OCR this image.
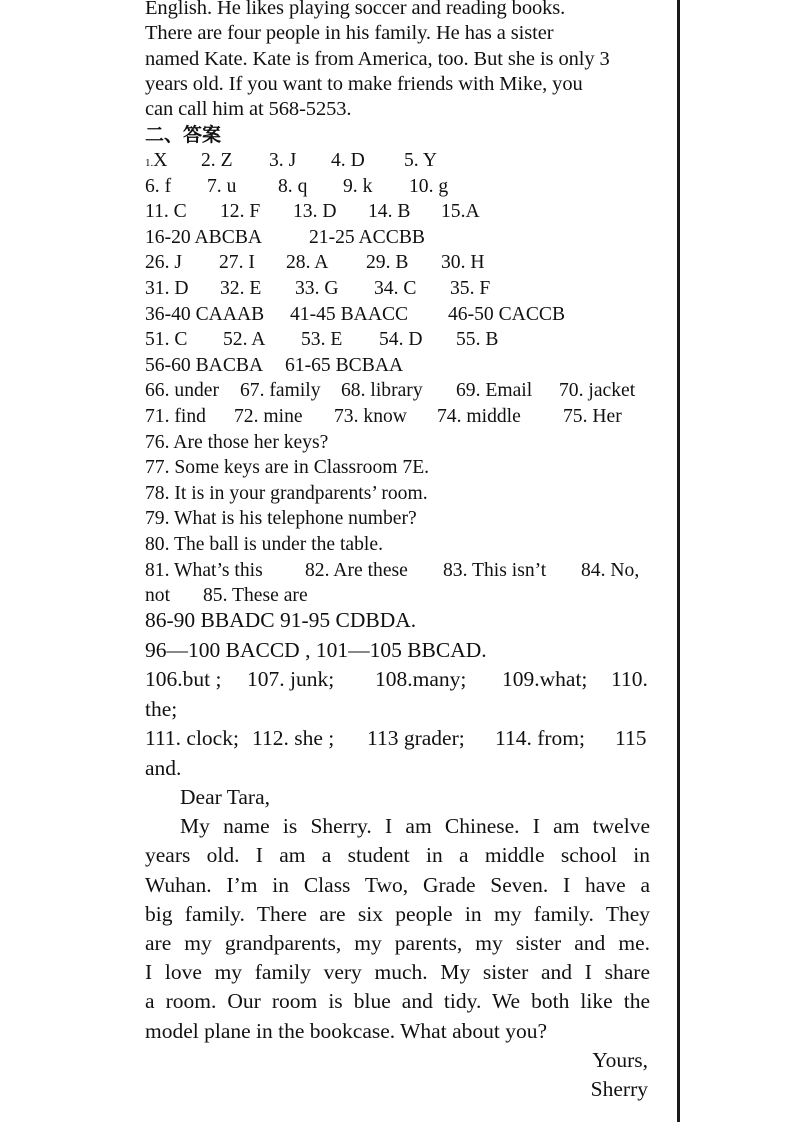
English. He likes playing soccer and reading books.
There are four people in his family. He has a sister
named Kate. Kate is from America, too. But she is only 3
years old. If you want to make friends with Mike, you
can call him at 568-5253.
二、答案
1.X 2. Z 3. J 4. D 5. Y
6. f 7. u 8. q 9. k 10. g
11. C 12. F 13. D 14. B 15.A
16-20 ABCBA 21-25 ACCBB
26. J 27. I 28. A 29. B 30. H
31. D 32. E 33. G 34. C 35. F
36-40 CAAAB 41-45 BAACC 46-50 CACCB
51. C 52. A 53. E 54. D 55. B
56-60 BACBA 61-65 BCBAA
66. under 67. family 68. library 69. Email 70. jacket
71. find 72. mine 73. know 74. middle 75. Her
76. Are those her keys?
77. Some keys are in Classroom 7E.
78. It is in your grandparents’ room.
79. What is his telephone number?
80. The ball is under the table.
81. What’s this 82. Are these 83. This isn’t 84. No,
not 85. These are
86-90 BBADC 91-95 CDBDA.
96—100 BACCD , 101—105 BBCAD.
106.but ; 107. junk; 108.many; 109.what; 110.
the;
111. clock; 112. she ; 113 grader; 114. from; 115
and.
Dear Tara,
My name is Sherry. I am Chinese. I am twelve
years old. I am a student in a middle school in
Wuhan. I’m in Class Two, Grade Seven. I have a
big family. There are six people in my family. They
are my grandparents, my parents, my sister and me.
I love my family very much. My sister and I share
a room. Our room is blue and tidy. We both like the
model plane in the bookcase. What about you?
Yours,
Sherry
